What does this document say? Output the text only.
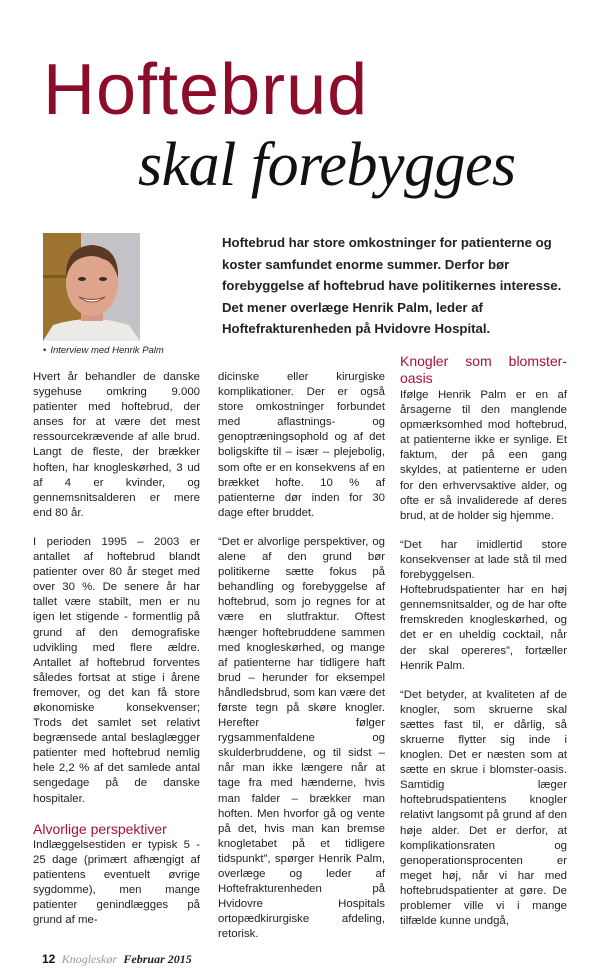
Hoftebrud
skal forebygges
• Interview med Henrik Palm
Hoftebrud har store omkostninger for patienterne og koster samfundet enorme summer. Derfor bør forebyggelse af hoftebrud have politikernes interesse. Det mener overlæge Henrik Palm, leder af Hoftefrakturenheden på Hvidovre Hospital.

Hvert år behandler de danske sygehuse omkring 9.000 patienter med hoftebrud, der anses for at være det mest ressourcekrævende af alle brud. Langt de fleste, der brækker hoften, har knogleskørhed, 3 ud af 4 er kvinder, og gennemsnitsalderen er mere end 80 år.

I perioden 1995 – 2003 er antallet af hoftebrud blandt patienter over 80 år steget med over 30 %. De senere år har tallet være stabilt, men er nu igen let stigende - formentlig på grund af den demografiske udvikling med flere ældre. Antallet af hoftebrud forventes således fortsat at stige i årene fremover, og det kan få store økonomiske konsekvenser; Trods det samlet set relativt begrænsede antal beslaglægger patienter med hoftebrud nemlig hele 2,2 % af det samlede antal sengedage på de danske hospitaler.

Alvorlige perspektiver

Indlæggelsestiden er typisk 5 - 25 dage (primært afhængigt af patientens eventuelt øvrige sygdomme), men mange patienter genindlægges på grund af me-

dicinske eller kirurgiske komplikationer. Der er også store omkostninger forbundet med aflastnings- og genoptræningsophold og af det boligskifte til – især – plejebolig, som ofte er en konsekvens af en brækket hofte. 10 % af patienterne dør inden for 30 dage efter bruddet.

“Det er alvorlige perspektiver, og alene af den grund bør politikerne sætte fokus på behandling og forebyggelse af hoftebrud, som jo regnes for at være en slutfraktur. Oftest hænger hoftebruddene sammen med knogleskørhed, og mange af patienterne har tidligere haft brud – herunder for eksempel håndledsbrud, som kan være det første tegn på skøre knogler. Herefter følger rygsammenfaldene og skulderbruddene, og til sidst – når man ikke længere når at tage fra med hænderne, hvis man falder – brækker man hoften. Men hvorfor gå og vente på det, hvis man kan bremse knogletabet på et tidligere tidspunkt”, spørger Henrik Palm, overlæge og leder af Hoftefrakturenheden på Hvidovre Hospitals ortopædkirurgiske afdeling, retorisk.

Knogler som blomster-oasis

Ifølge Henrik Palm er en af årsagerne til den manglende opmærksomhed mod hoftebrud, at patienterne ikke er synlige. Et faktum, der på een gang skyldes, at patienterne er uden for den erhvervsaktive alder, og ofte er så invaliderede af deres brud, at de holder sig hjemme.

“Det har imidlertid store konsekvenser at lade stå til med forebyggelsen. Hoftebrudspatienter har en høj gennemsnitsalder, og de har ofte fremskreden knogleskørhed, og det er en uheldig cocktail, når der skal opereres”, fortæller Henrik Palm.

“Det betyder, at kvaliteten af de knogler, som skruerne skal sættes fast til, er dårlig, så skruerne flytter sig inde i knoglen. Det er næsten som at sætte en skrue i blomster-oasis. Samtidig læger hoftebrudspatientens knogler relativt langsomt på grund af den høje alder. Det er derfor, at komplikationsraten og genoperationsprocenten er meget høj, når vi har med hoftebrudspatienter at gøre. De problemer ville vi i mange tilfælde kunne undgå,

12 Knogleskør Februar 2015
